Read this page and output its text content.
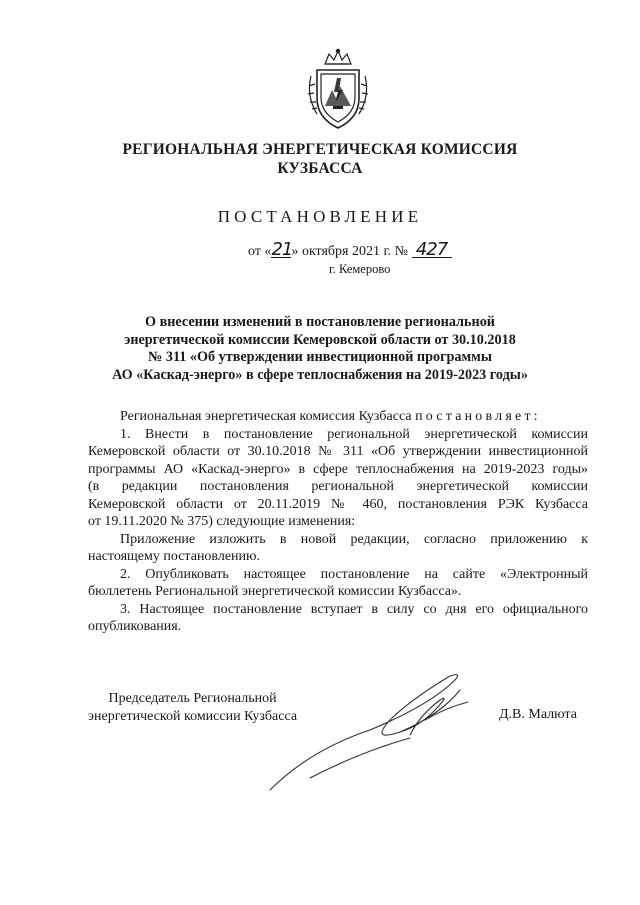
РЕГИОНАЛЬНАЯ ЭНЕРГЕТИЧЕСКАЯ КОМИССИЯ
КУЗБАССА
ПОСТАНОВЛЕНИЕ
от «21» октября 2021 г. № 427
г. Кемерово
О внесении изменений в постановление региональной
энергетической комиссии Кемеровской области от 30.10.2018
№ 311 «Об утверждении инвестиционной программы
АО «Каскад-энерго» в сфере теплоснабжения на 2019-2023 годы»

Региональная энергетическая комиссия Кузбасса постановляет:

1. Внести в постановление региональной энергетической комиссии

Кемеровской области от 30.10.2018 № 311 «Об утверждении инвестиционной

программы АО «Каскад-энерго» в сфере теплоснабжения на 2019-2023 годы»

(в редакции постановления региональной энергетической комиссии

Кемеровской области от 20.11.2019 № 460, постановления РЭК Кузбасса

от 19.11.2020 № 375) следующие изменения:

Приложение изложить в новой редакции, согласно приложению к

настоящему постановлению.

2. Опубликовать настоящее постановление на сайте «Электронный

бюллетень Региональной энергетической комиссии Кузбасса».

3. Настоящее постановление вступает в силу со дня его официального

опубликования.

Председатель Региональной
энергетической комиссии Кузбасса	Д.В. Малюта
